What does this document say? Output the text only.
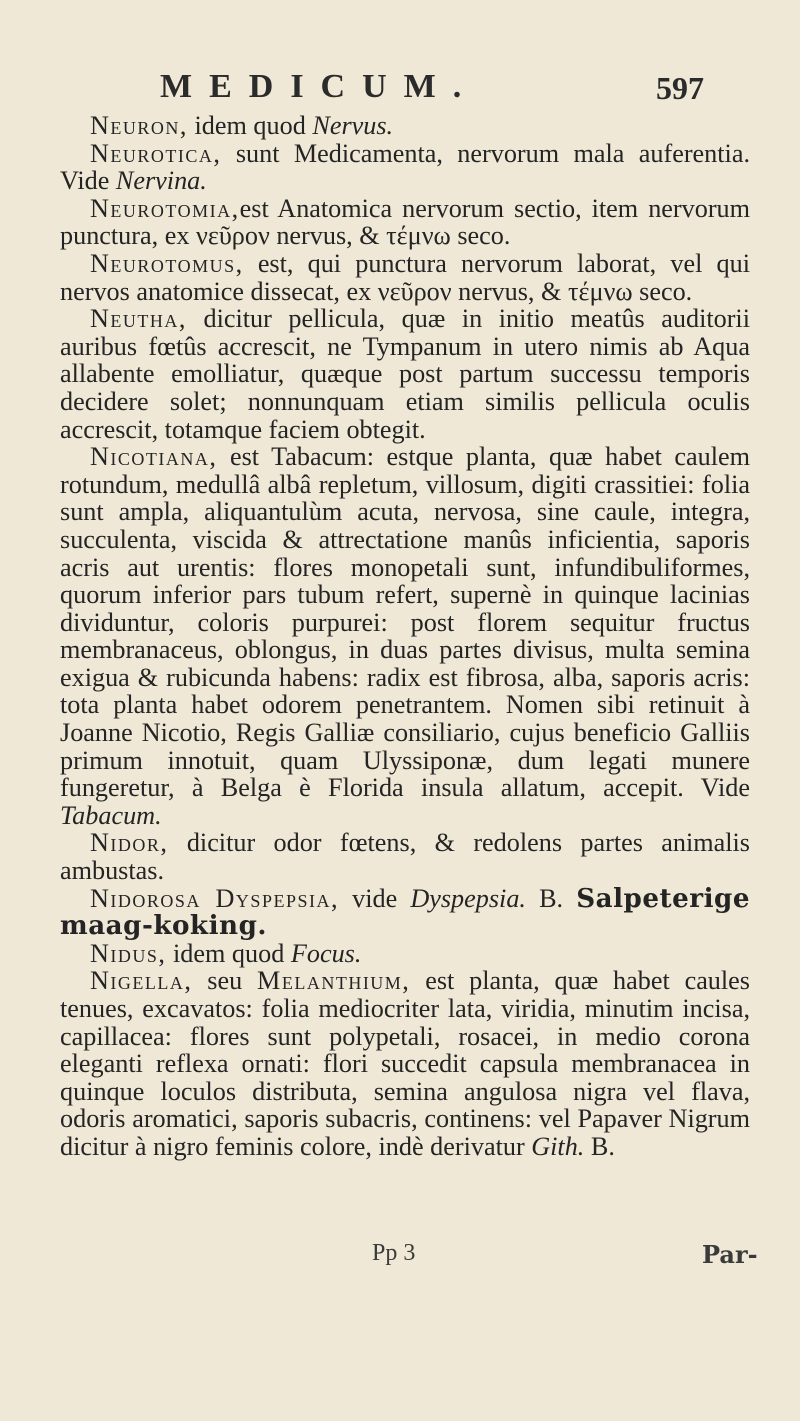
MEDICUM.	597

Neuron, idem quod Nervus.

Neurotica, sunt Medicamenta, nervorum mala auferentia. Vide Nervina.

Neurotomia,est Anatomica nervorum sectio, item nervorum punctura, ex νεῦρον nervus, & τέμνω seco.

Neurotomus, est, qui punctura nervorum laborat, vel qui nervos anatomice dissecat, ex νεῦρον nervus, & τέμνω seco.

Neutha, dicitur pellicula, quæ in initio meatûs auditorii auribus fœtûs accrescit, ne Tympanum in utero nimis ab Aqua allabente emolliatur, quæque post partum successu temporis decidere solet; nonnunquam etiam similis pellicula oculis accrescit, totamque faciem obtegit.

Nicotiana, est Tabacum: estque planta, quæ habet caulem rotundum, medullâ albâ repletum, villosum, digiti crassitiei: folia sunt ampla, aliquantulùm acuta, nervosa, sine caule, integra, succulenta, viscida & attrectatione manûs inficientia, saporis acris aut urentis: flores monopetali sunt, infundibuliformes, quorum inferior pars tubum refert, supernè in quinque lacinias dividuntur, coloris purpurei: post florem sequitur fructus membranaceus, oblongus, in duas partes divisus, multa semina exigua & rubicunda habens: radix est fibrosa, alba, saporis acris: tota planta habet odorem penetrantem. Nomen sibi retinuit à Joanne Nicotio, Regis Galliæ consiliario, cujus beneficio Galliis primum innotuit, quam Ulyssiponæ, dum legati munere fungeretur, à Belga è Florida insula allatum, accepit. Vide Tabacum.

Nidor, dicitur odor fœtens, & redolens partes animalis ambustas.

Nidorosa Dyspepsia, vide Dyspepsia. B. Salpeterige maag-koking.

Nidus, idem quod Focus.

Nigella, seu Melanthium, est planta, quæ habet caules tenues, excavatos: folia mediocriter lata, viridia, minutim incisa, capillacea: flores sunt polypetali, rosacei, in medio corona eleganti reflexa ornati: flori succedit capsula membranacea in quinque loculos distributa, semina angulosa nigra vel flava, odoris aromatici, saporis subacris, continens: vel Papaver Nigrum dicitur à nigro feminis colore, indè derivatur Gith. B.

Pp 3	Par-
